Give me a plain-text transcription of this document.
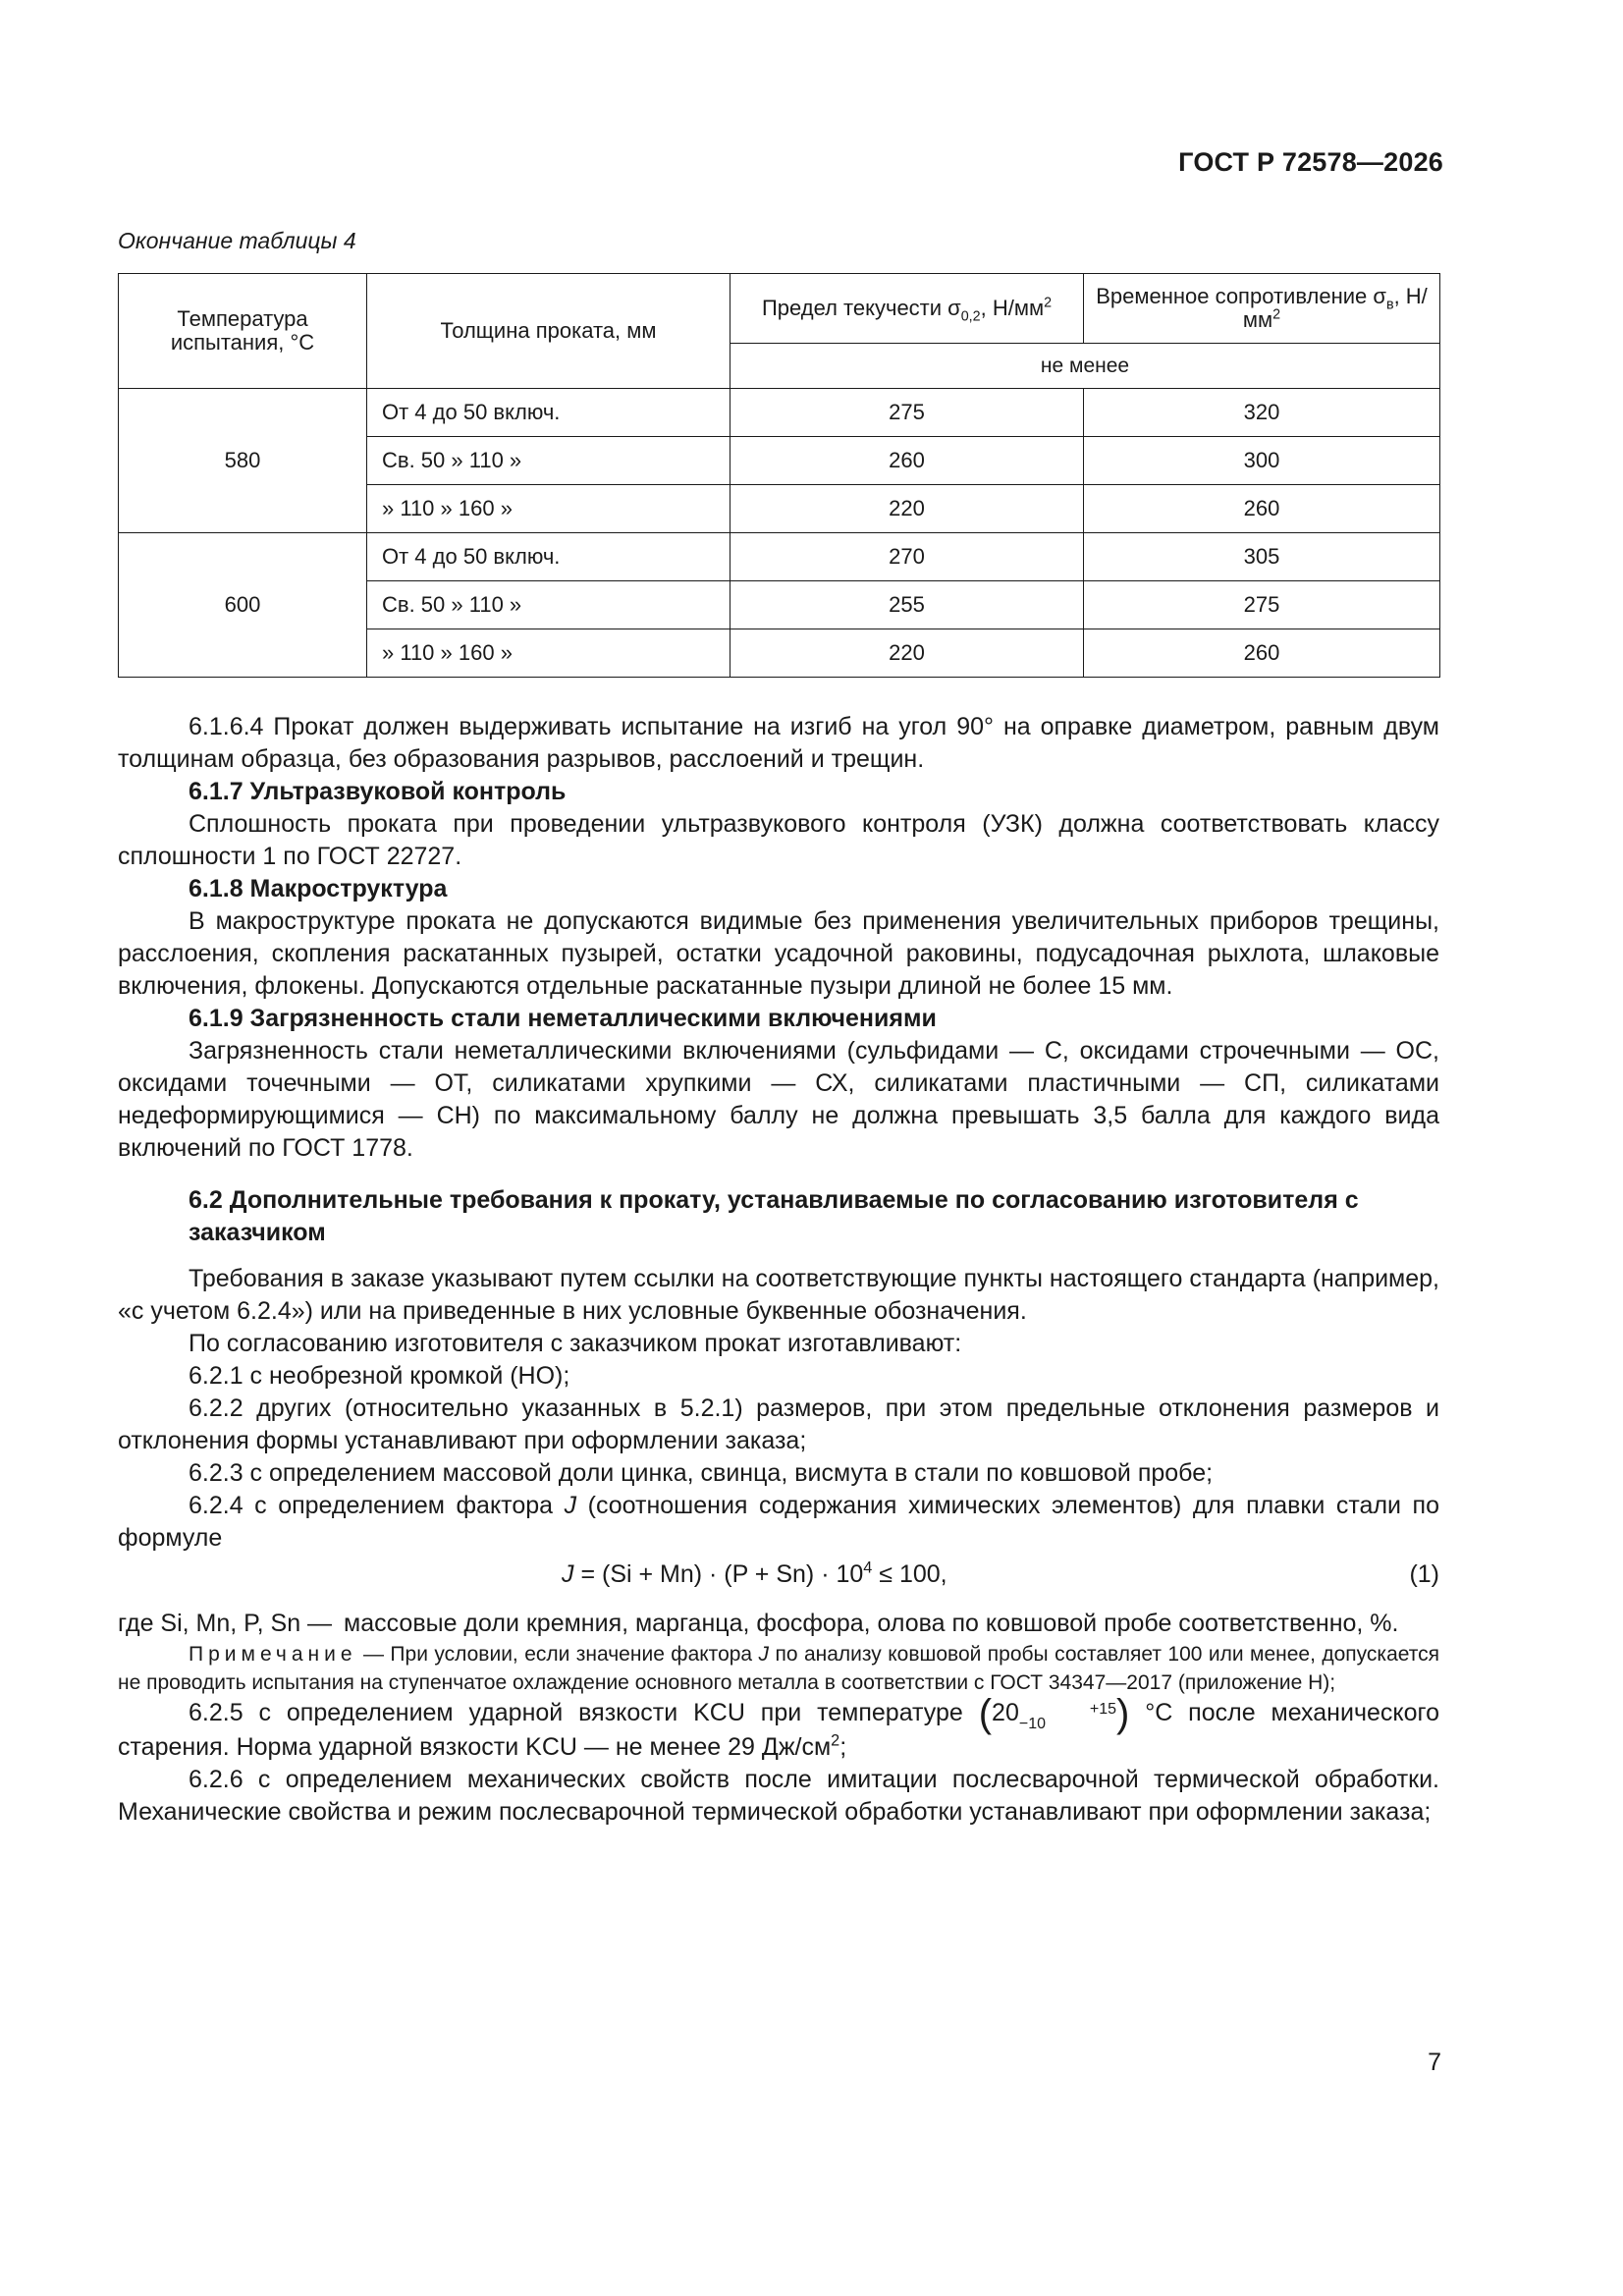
ГОСТ Р 72578—2026
Окончание таблицы 4
Температура испытания, °С	Толщина проката, мм	Предел текучести $\sigma_{0,2}$, $Н/мм^2$	Временное сопротивление $\sigma_в$, $Н/мм^2$
		не менее	
580	От 4 до 50 включ.	275	320
	Св. 50 » 110 »	260	300
	» 110 » 160 »	220	260
600	От 4 до 50 включ.	270	305
	Св. 50 » 110 »	255	275
	» 110 » 160 »	220	260

6.1.6.4 Прокат должен выдерживать испытание на изгиб на угол 90° на оправке диаметром, равным двум толщинам образца, без образования разрывов, расслоений и трещин.

6.1.7 Ультразвуковой контроль

Сплошность проката при проведении ультразвукового контроля (УЗК) должна соответствовать классу сплошности 1 по ГОСТ 22727.

6.1.8 Макроструктура

В макроструктуре проката не допускаются видимые без применения увеличительных приборов трещины, расслоения, скопления раскатанных пузырей, остатки усадочной раковины, подусадочная рыхлота, шлаковые включения, флокены. Допускаются отдельные раскатанные пузыри длиной не более 15 мм.

6.1.9 Загрязненность стали неметаллическими включениями

Загрязненность стали неметаллическими включениями (сульфидами — С, оксидами строчечными — ОС, оксидами точечными — ОТ, силикатами хрупкими — СХ, силикатами пластичными — СП, силикатами недеформирующимися — СН) по максимальному баллу не должна превышать 3,5 балла для каждого вида включений по ГОСТ 1778.

6.2 Дополнительные требования к прокату, устанавливаемые по согласованию изготовителя с заказчиком

Требования в заказе указывают путем ссылки на соответствующие пункты настоящего стандарта (например, «с учетом 6.2.4») или на приведенные в них условные буквенные обозначения.

По согласованию изготовителя с заказчиком прокат изготавливают:

6.2.1 с необрезной кромкой (НО);

6.2.2 других (относительно указанных в 5.2.1) размеров, при этом предельные отклонения размеров и отклонения формы устанавливают при оформлении заказа;

6.2.3 с определением массовой доли цинка, свинца, висмута в стали по ковшовой пробе;

6.2.4 с определением фактора J (соотношения содержания химических элементов) для плавки стали по формуле

$J = (Si + Mn) \cdot (P + Sn) \cdot 10^4 \le 100$,	(1)
где Si, Mn, P, Sn — массовые доли кремния, марганца, фосфора, олова по ковшовой пробе соответственно, %.

Примечание — При условии, если значение фактора J по анализу ковшовой пробы составляет 100 или менее, допускается не проводить испытания на ступенчатое охлаждение основного металла в соответствии с ГОСТ 34347—2017 (приложение Н);

6.2.5 с определением ударной вязкости KCU при температуре (20	+15
−10 ) °С после механического старения. Норма ударной вязкости KCU — не менее 29 $Дж/см^2$;

6.2.6 с определением механических свойств после имитации послесварочной термической обработки. Механические свойства и режим послесварочной термической обработки устанавливают при оформлении заказа;

7
